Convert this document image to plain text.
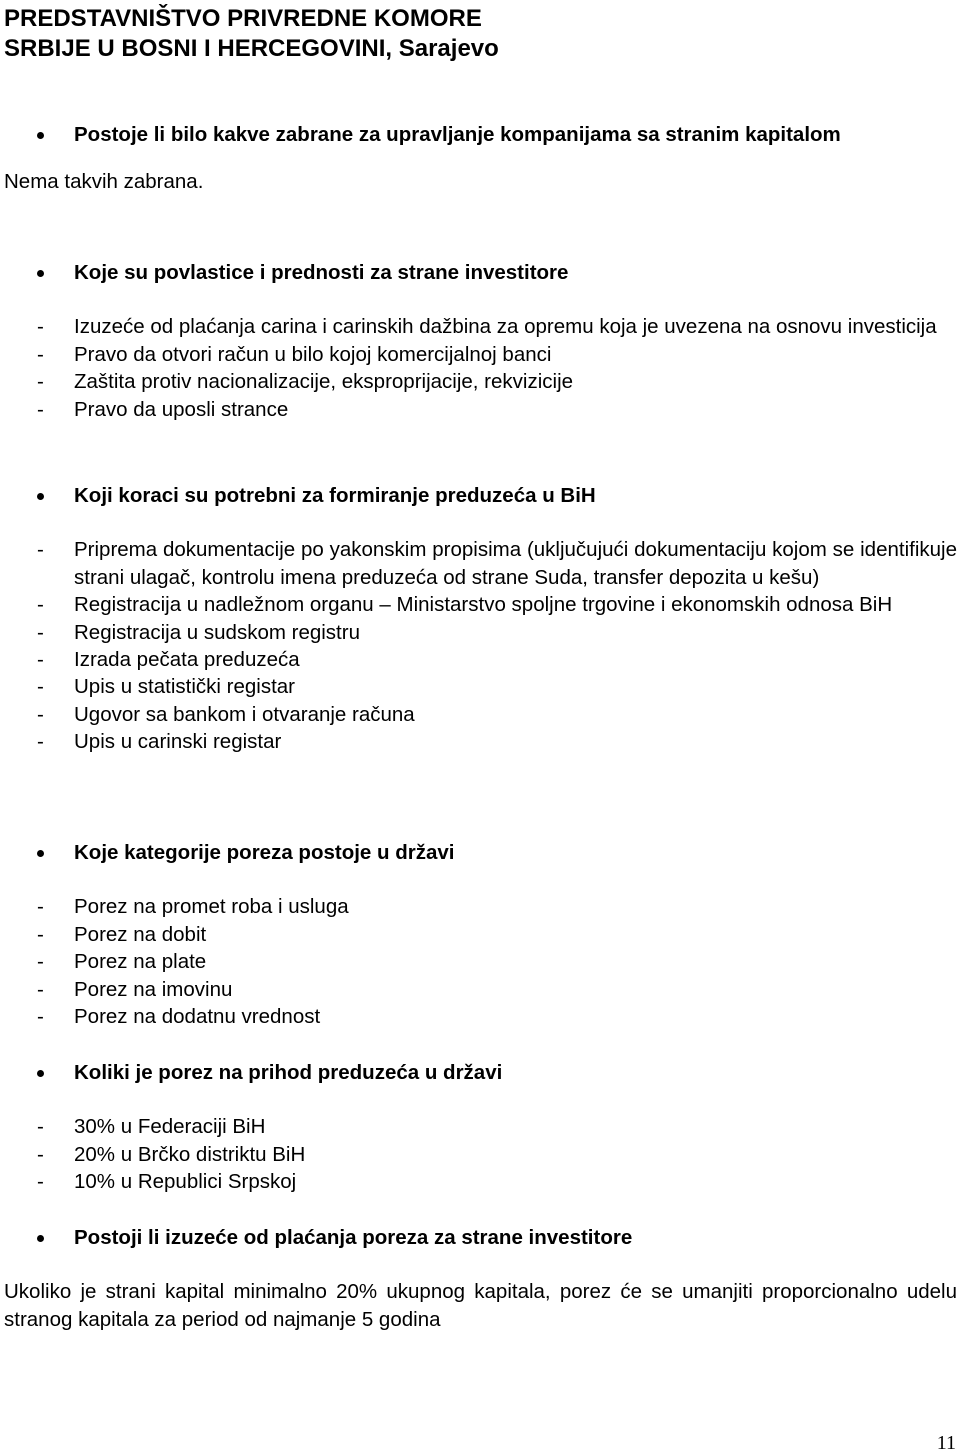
PREDSTAVNIŠTVO PRIVREDNE KOMORE
SRBIJE U BOSNI I HERCEGOVINI, Sarajevo
Postoje li bilo kakve zabrane za upravljanje kompanijama sa stranim kapitalom
Nema takvih zabrana.
Koje su povlastice i prednosti za strane investitore
- Izuzeće od plaćanja carina i carinskih dažbina za opremu koja je uvezena na osnovu investicija
- Pravo da otvori račun u bilo kojoj komercijalnoj banci
- Zaštita protiv nacionalizacije, eksproprijacije, rekvizicije
- Pravo da uposli strance
Koji koraci su potrebni za formiranje preduzeća u BiH
- Priprema dokumentacije po yakonskim propisima (uključujući dokumentaciju kojom se identifikuje strani ulagač, kontrolu imena preduzeća od strane Suda, transfer depozita u kešu)
- Registracija u nadležnom organu – Ministarstvo spoljne trgovine i ekonomskih odnosa BiH
- Registracija u sudskom registru
- Izrada pečata preduzeća
- Upis u statistički registar
- Ugovor sa bankom i otvaranje računa
- Upis u carinski registar
Koje kategorije poreza postoje u državi
- Porez na promet roba i usluga
- Porez na dobit
- Porez na plate
- Porez na imovinu
- Porez na dodatnu vrednost
Koliki je porez na prihod preduzeća u državi
- 30% u Federaciji BiH
- 20% u Brčko distriktu BiH
- 10% u Republici Srpskoj
Postoji li izuzeće od plaćanja poreza za strane investitore
Ukoliko je strani kapital minimalno 20% ukupnog kapitala, porez će se umanjiti proporcionalno udelu stranog kapitala za period od najmanje 5 godina
11
